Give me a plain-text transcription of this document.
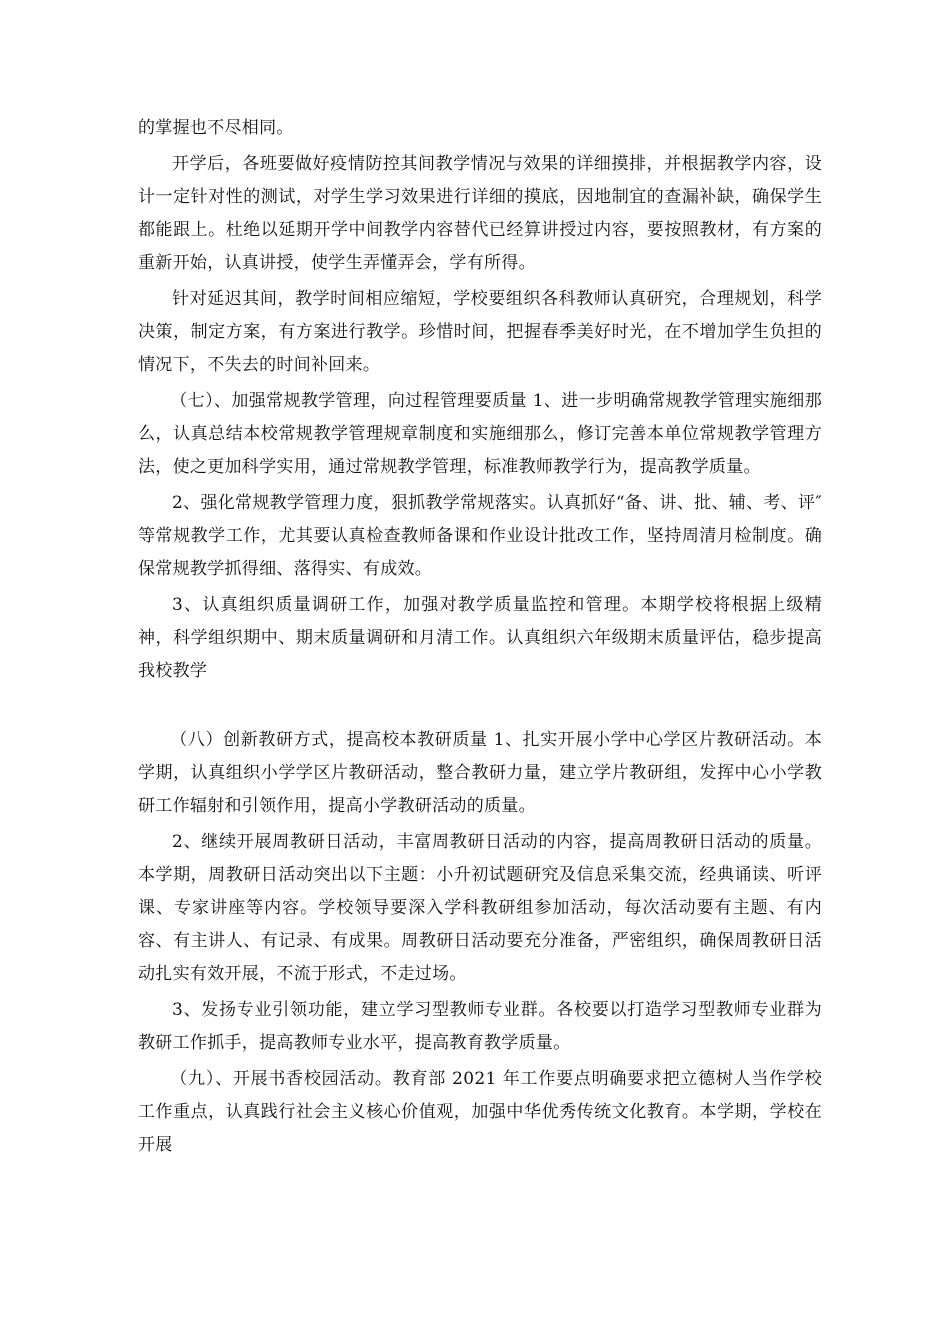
的掌握也不尽相同。

开学后，各班要做好疫情防控其间教学情况与效果的详细摸排，并根据教学内容，设计一定针对性的测试，对学生学习效果进行详细的摸底，因地制宜的查漏补缺，确保学生都能跟上。杜绝以延期开学中间教学内容替代已经算讲授过内容，要按照教材，有方案的重新开始，认真讲授，使学生弄懂弄会，学有所得。

针对延迟其间，教学时间相应缩短，学校要组织各科教师认真研究，合理规划，科学决策，制定方案，有方案进行教学。珍惜时间，把握春季美好时光，在不增加学生负担的情况下，不失去的时间补回来。

（七）、加强常规教学管理，向过程管理要质量 1、进一步明确常规教学管理实施细那么，认真总结本校常规教学管理规章制度和实施细那么，修订完善本单位常规教学管理方法，使之更加科学实用，通过常规教学管理，标准教师教学行为，提高教学质量。

2、强化常规教学管理力度，狠抓教学常规落实。认真抓好“备、讲、批、辅、考、评″等常规教学工作，尤其要认真检查教师备课和作业设计批改工作，坚持周清月检制度。确保常规教学抓得细、落得实、有成效。

3、认真组织质量调研工作，加强对教学质量监控和管理。本期学校将根据上级精神，科学组织期中、期末质量调研和月清工作。认真组织六年级期末质量评估，稳步提高我校教学

（八）创新教研方式，提高校本教研质量 1、扎实开展小学中心学区片教研活动。本学期，认真组织小学学区片教研活动，整合教研力量，建立学片教研组，发挥中心小学教研工作辐射和引领作用，提高小学教研活动的质量。

2、继续开展周教研日活动，丰富周教研日活动的内容，提高周教研日活动的质量。本学期，周教研日活动突出以下主题：小升初试题研究及信息采集交流，经典诵读、听评课、专家讲座等内容。学校领导要深入学科教研组参加活动，每次活动要有主题、有内容、有主讲人、有记录、有成果。周教研日活动要充分准备，严密组织，确保周教研日活动扎实有效开展，不流于形式，不走过场。

3、发扬专业引领功能，建立学习型教师专业群。各校要以打造学习型教师专业群为教研工作抓手，提高教师专业水平，提高教育教学质量。

（九）、开展书香校园活动。教育部 2021 年工作要点明确要求把立德树人当作学校工作重点，认真践行社会主义核心价值观，加强中华优秀传统文化教育。本学期，学校在开展
